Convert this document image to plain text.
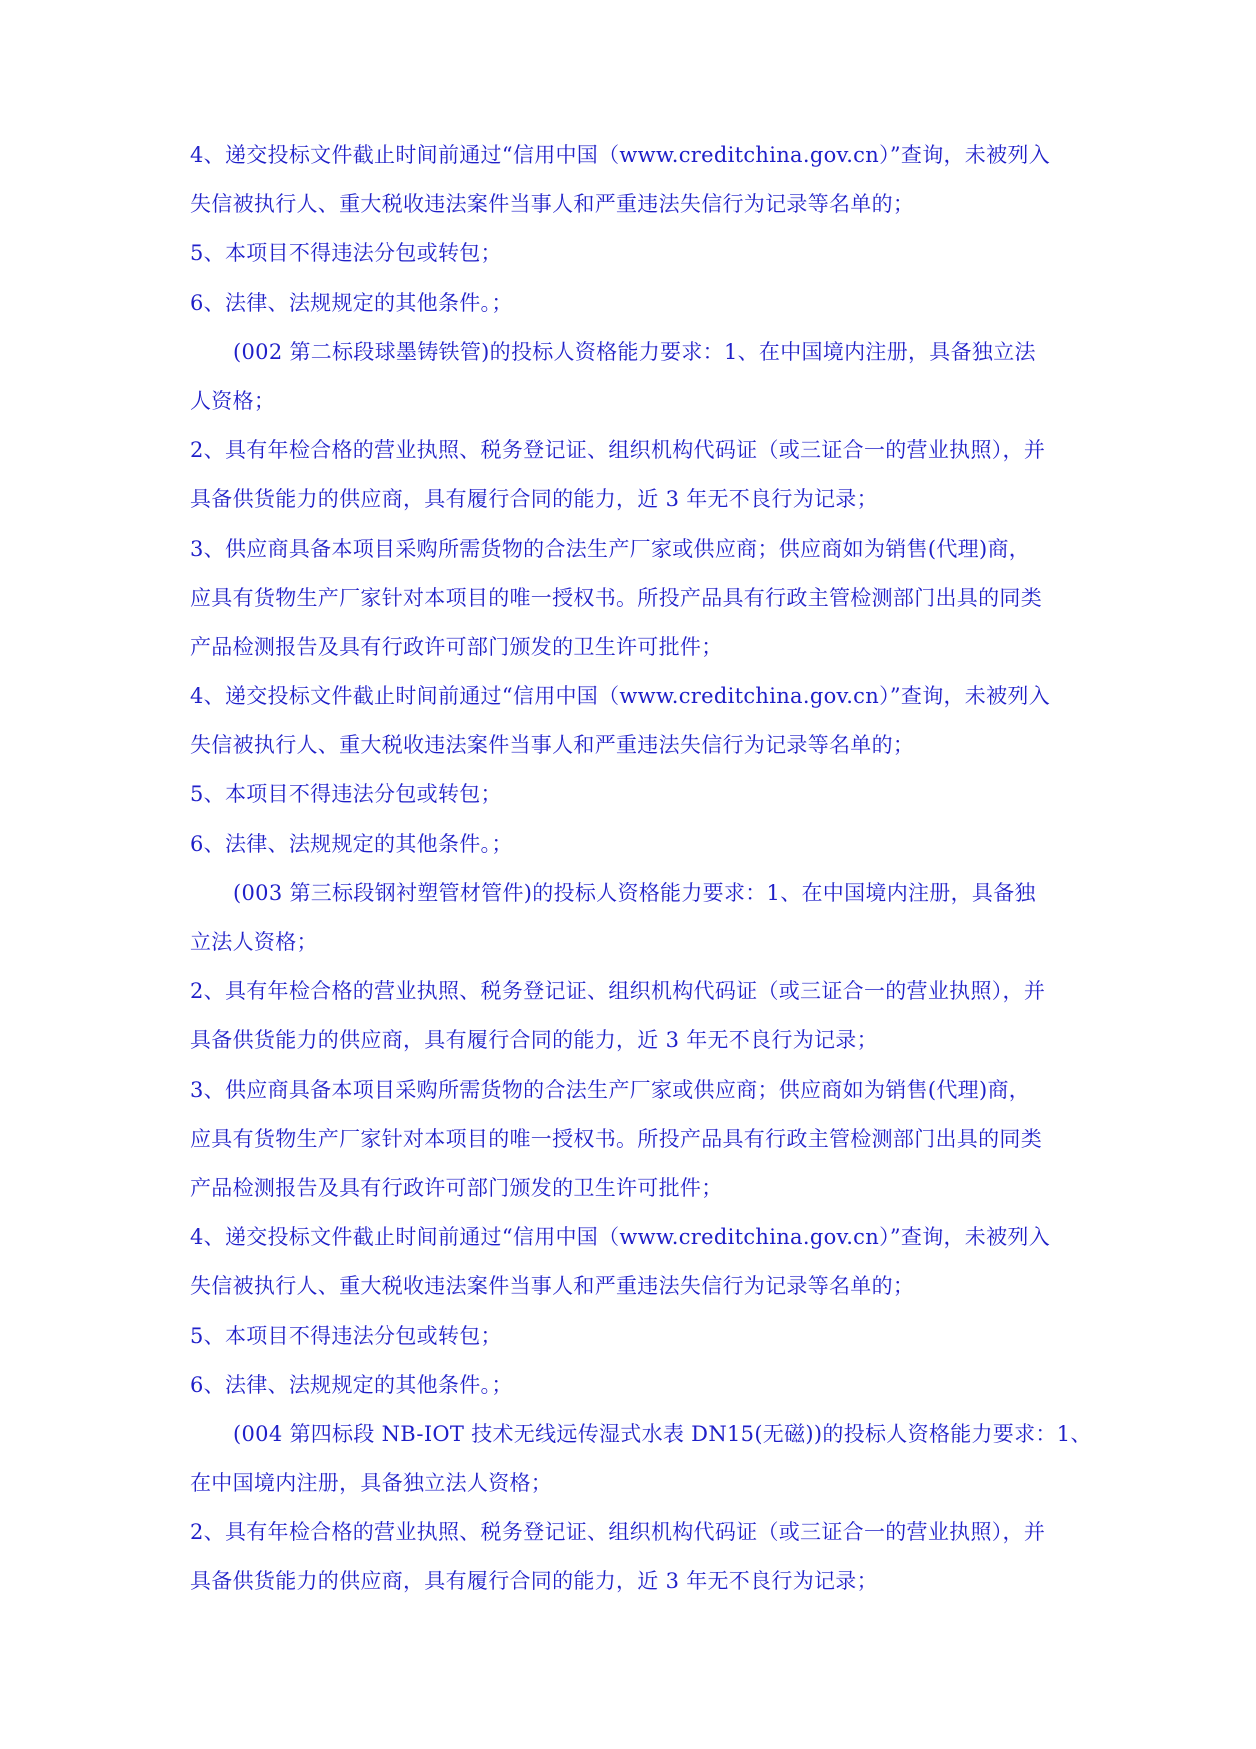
4、递交投标文件截止时间前通过“信用中国（www.creditchina.gov.cn）”查询，未被列入
失信被执行人、重大税收违法案件当事人和严重违法失信行为记录等名单的；
5、本项目不得违法分包或转包；
6、法律、法规规定的其他条件。；
(002 第二标段球墨铸铁管)的投标人资格能力要求：1、在中国境内注册，具备独立法
人资格；
2、具有年检合格的营业执照、税务登记证、组织机构代码证（或三证合一的营业执照），并
具备供货能力的供应商，具有履行合同的能力，近 3 年无不良行为记录；
3、供应商具备本项目采购所需货物的合法生产厂家或供应商；供应商如为销售(代理)商，
应具有货物生产厂家针对本项目的唯一授权书。所投产品具有行政主管检测部门出具的同类
产品检测报告及具有行政许可部门颁发的卫生许可批件；
4、递交投标文件截止时间前通过“信用中国（www.creditchina.gov.cn）”查询，未被列入
失信被执行人、重大税收违法案件当事人和严重违法失信行为记录等名单的；
5、本项目不得违法分包或转包；
6、法律、法规规定的其他条件。；
(003 第三标段钢衬塑管材管件)的投标人资格能力要求：1、在中国境内注册，具备独
立法人资格；
2、具有年检合格的营业执照、税务登记证、组织机构代码证（或三证合一的营业执照），并
具备供货能力的供应商，具有履行合同的能力，近 3 年无不良行为记录；
3、供应商具备本项目采购所需货物的合法生产厂家或供应商；供应商如为销售(代理)商，
应具有货物生产厂家针对本项目的唯一授权书。所投产品具有行政主管检测部门出具的同类
产品检测报告及具有行政许可部门颁发的卫生许可批件；
4、递交投标文件截止时间前通过“信用中国（www.creditchina.gov.cn）”查询，未被列入
失信被执行人、重大税收违法案件当事人和严重违法失信行为记录等名单的；
5、本项目不得违法分包或转包；
6、法律、法规规定的其他条件。；
(004 第四标段 NB-IOT 技术无线远传湿式水表 DN15(无磁))的投标人资格能力要求：1、
在中国境内注册，具备独立法人资格；
2、具有年检合格的营业执照、税务登记证、组织机构代码证（或三证合一的营业执照），并
具备供货能力的供应商，具有履行合同的能力，近 3 年无不良行为记录；
